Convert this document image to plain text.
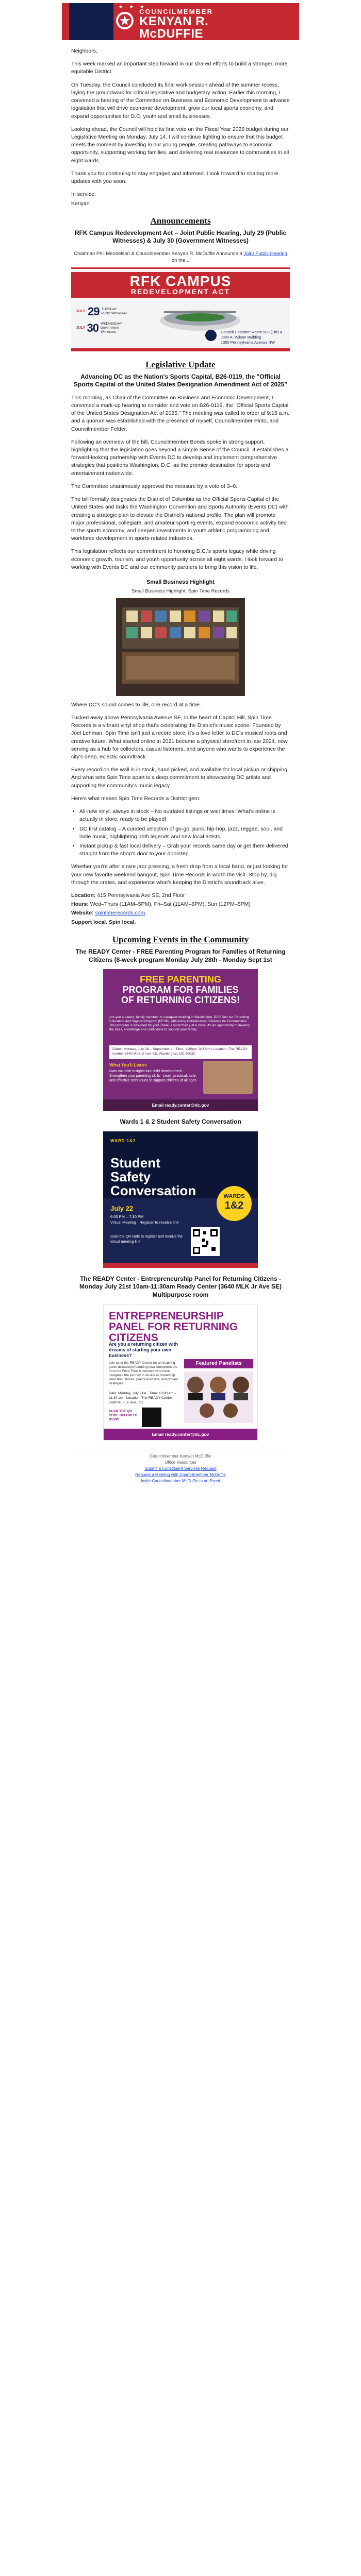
★ ★ ★
COUNCILMEMBER
KENYAN R.
McDUFFIE

Neighbors,

This week marked an important step forward in our shared efforts to build a stronger, more equitable District.

On Tuesday, the Council concluded its final work session ahead of the summer recess, laying the groundwork for critical legislative and budgetary action. Earlier this morning, I convened a hearing of the Committee on Business and Economic Development to advance legislation that will drive economic development, grow our local sports economy, and expand opportunities for D.C. youth and small businesses.

Looking ahead, the Council will hold its first vote on the Fiscal Year 2026 budget during our Legislative Meeting on Monday, July 14. I will continue fighting to ensure that this budget meets the moment by investing in our young people, creating pathways to economic opportunity, supporting working families, and delivering real resources to communities in all eight wards.

Thank you for continuing to stay engaged and informed. I look forward to sharing more updates with you soon.

In service,

Kenyan

Announcements
RFK Campus Redevelopment Act – Joint Public Hearing, July 29 (Public Witnesses) & July 30 (Government Witnesses)
Chairman Phil Mendelson & Councilmember Kenyan R. McDuffie Announce a Joint Public Hearing on the...
RFK CAMPUS
REDEVELOPMENT ACT
JULY 29 TUESDAY
Public Witnesses
JULY 30 WEDNESDAY
Government Witnesses	Council Chamber Room 500 (1hr) &
John A. Wilson Building
1350 Pennsylvania Avenue NW
Legislative Update
Advancing DC as the Nation's Sports Capital, B26-0119, the "Official Sports Capital of the United States Designation Amendment Act of 2025"

This morning, as Chair of the Committee on Business and Economic Development, I convened a mark-up hearing to consider and vote on B26-0119, the "Official Sports Capital of the United States Designation Act of 2025." The meeting was called to order at 9:15 a.m. and a quorum was established with the presence of myself, Councilmember Pinto, and Councilmember Felder.

Following an overview of the bill, Councilmember Bonds spoke in strong support, highlighting that the legislation goes beyond a simple Sense of the Council. It establishes a forward-looking partnership with Events DC to develop and implement comprehensive strategies that positions Washington, D.C. as the premier destination for sports and entertainment nationwide.

The Committee unanimously approved the measure by a vote of 3–0.

The bill formally designates the District of Columbia as the Official Sports Capital of the United States and tasks the Washington Convention and Sports Authority (Events DC) with creating a strategic plan to elevate the District's national profile. The plan will promote major professional, collegiate, and amateur sporting events, expand economic activity tied to the sports economy, and deepen investments in youth athletic programming and workforce development in sports-related industries.

This legislation reflects our commitment to honoring D.C.'s sports legacy while driving economic growth, tourism, and youth opportunity across all eight wards. I look forward to working with Events DC and our community partners to bring this vision to life.

Small Business Highlight
Small Business Highlight: Spin Time Records

Where DC's sound comes to life, one record at a time.

Tucked away above Pennsylvania Avenue SE, in the heart of Capitol Hill, Spin Time Records is a vibrant vinyl shop that's celebrating the District's music scene. Founded by Joel Lehman, Spin Time isn't just a record store, it's a love letter to DC's musical roots and creative future. What started online in 2021 became a physical storefront in late 2024, now serving as a hub for collectors, casual listeners, and anyone who wants to experience the city's deep, eclectic soundtrack.

Every record on the wall is in stock, hand picked, and available for local pickup or shipping. And what sets Spin Time apart is a deep commitment to showcasing DC artists and supporting the community's music legacy.

Here's what makes Spin Time Records a District gem:

• All-new vinyl, always in stock – No outdated listings or wait times: What's online is actually in store, ready to be played!
• DC first catalog – A curated selection of go-go, punk, hip-hop, jazz, reggae, soul, and indie music, highlighting both legends and new local artists.
• Instant pickup & fast local delivery – Grab your records same day or get them delivered straight from the shop's door to your doorstep.

Whether you're after a rare jazz pressing, a fresh drop from a local band, or just looking for your new favorite weekend hangout, Spin Time Records is worth the visit. Stop by, dig through the crates, and experience what's keeping the District's soundtrack alive.

Location: 415 Pennsylvania Ave SE, 2nd Floor

Hours: Wed–Thurs (11AM–5PM), Fri–Sat (11AM–6PM), Sun (12PM–5PM)

Website: spintimerecords.com

Support local. Spin local.

Upcoming Events in the Community
The READY Center - FREE Parenting Program for Families of Returning Citizens (8-week program Monday July 28th - Monday Sept 1st
FREE PARENTING
PROGRAM FOR FAMILIES
OF RETURNING CITIZENS!
Are you a parent, family member, or caregiver residing in Washington, DC? Join our Parenting Education and Support Program (PESP), offered by Collaborative Solutions for Communities. This program is designed for you! There is more than just a class, it's an opportunity to develop the tools, knowledge and confidence to support your family.
Dates: Monday, July 28 – September 1 | Time: 1:30pm–3:00pm | Location: The READY Center, 3640 MLK Jr Ave SE, Washington, DC 20032
What You'll Learn:
Gain valuable insights into child development · Strengthen your parenting skills · Learn practical, safe, and effective techniques to support children of all ages
Email ready.center@dc.gov
Wards 1 & 2 Student Safety Conversation
WARD 1&2
Student
Safety
Conversation	WARDS
1&2
July 22
6:00 PM – 7:30 PM
Virtual Meeting · Register to receive link
Scan the QR code to register and receive the virtual meeting link
The READY Center - Entrepreneurship Panel for Returning Citizens - Monday July 21st 10am-11:30am Ready Center (3640 MLK Jr Ave SE) Multipurpose room
ENTREPRENEURSHIP
PANEL FOR RETURNING
CITIZENS
Are you a returning citizen with dreams of starting your own business?
Join us at the READY Center for an inspiring panel discussion featuring local entrepreneurs from the Wise Tribe Movement who have navigated the journey to business ownership. Hear their stories, practical advice, and proven strategies.
Featured Panelists
Date: Monday, July 21st · Time: 10:00 am – 11:30 am · Location: The READY Center, 3640 MLK Jr. Ave., SE
SCAN THE QR CODE BELOW TO RSVP!
Email ready.center@dc.gov
Councilmember Kenyan McDuffie
Office Resources
Submit a Constituent Services Request
Request a Meeting with Councilmember McDuffie
Invite Councilmember McDuffie to an Event
